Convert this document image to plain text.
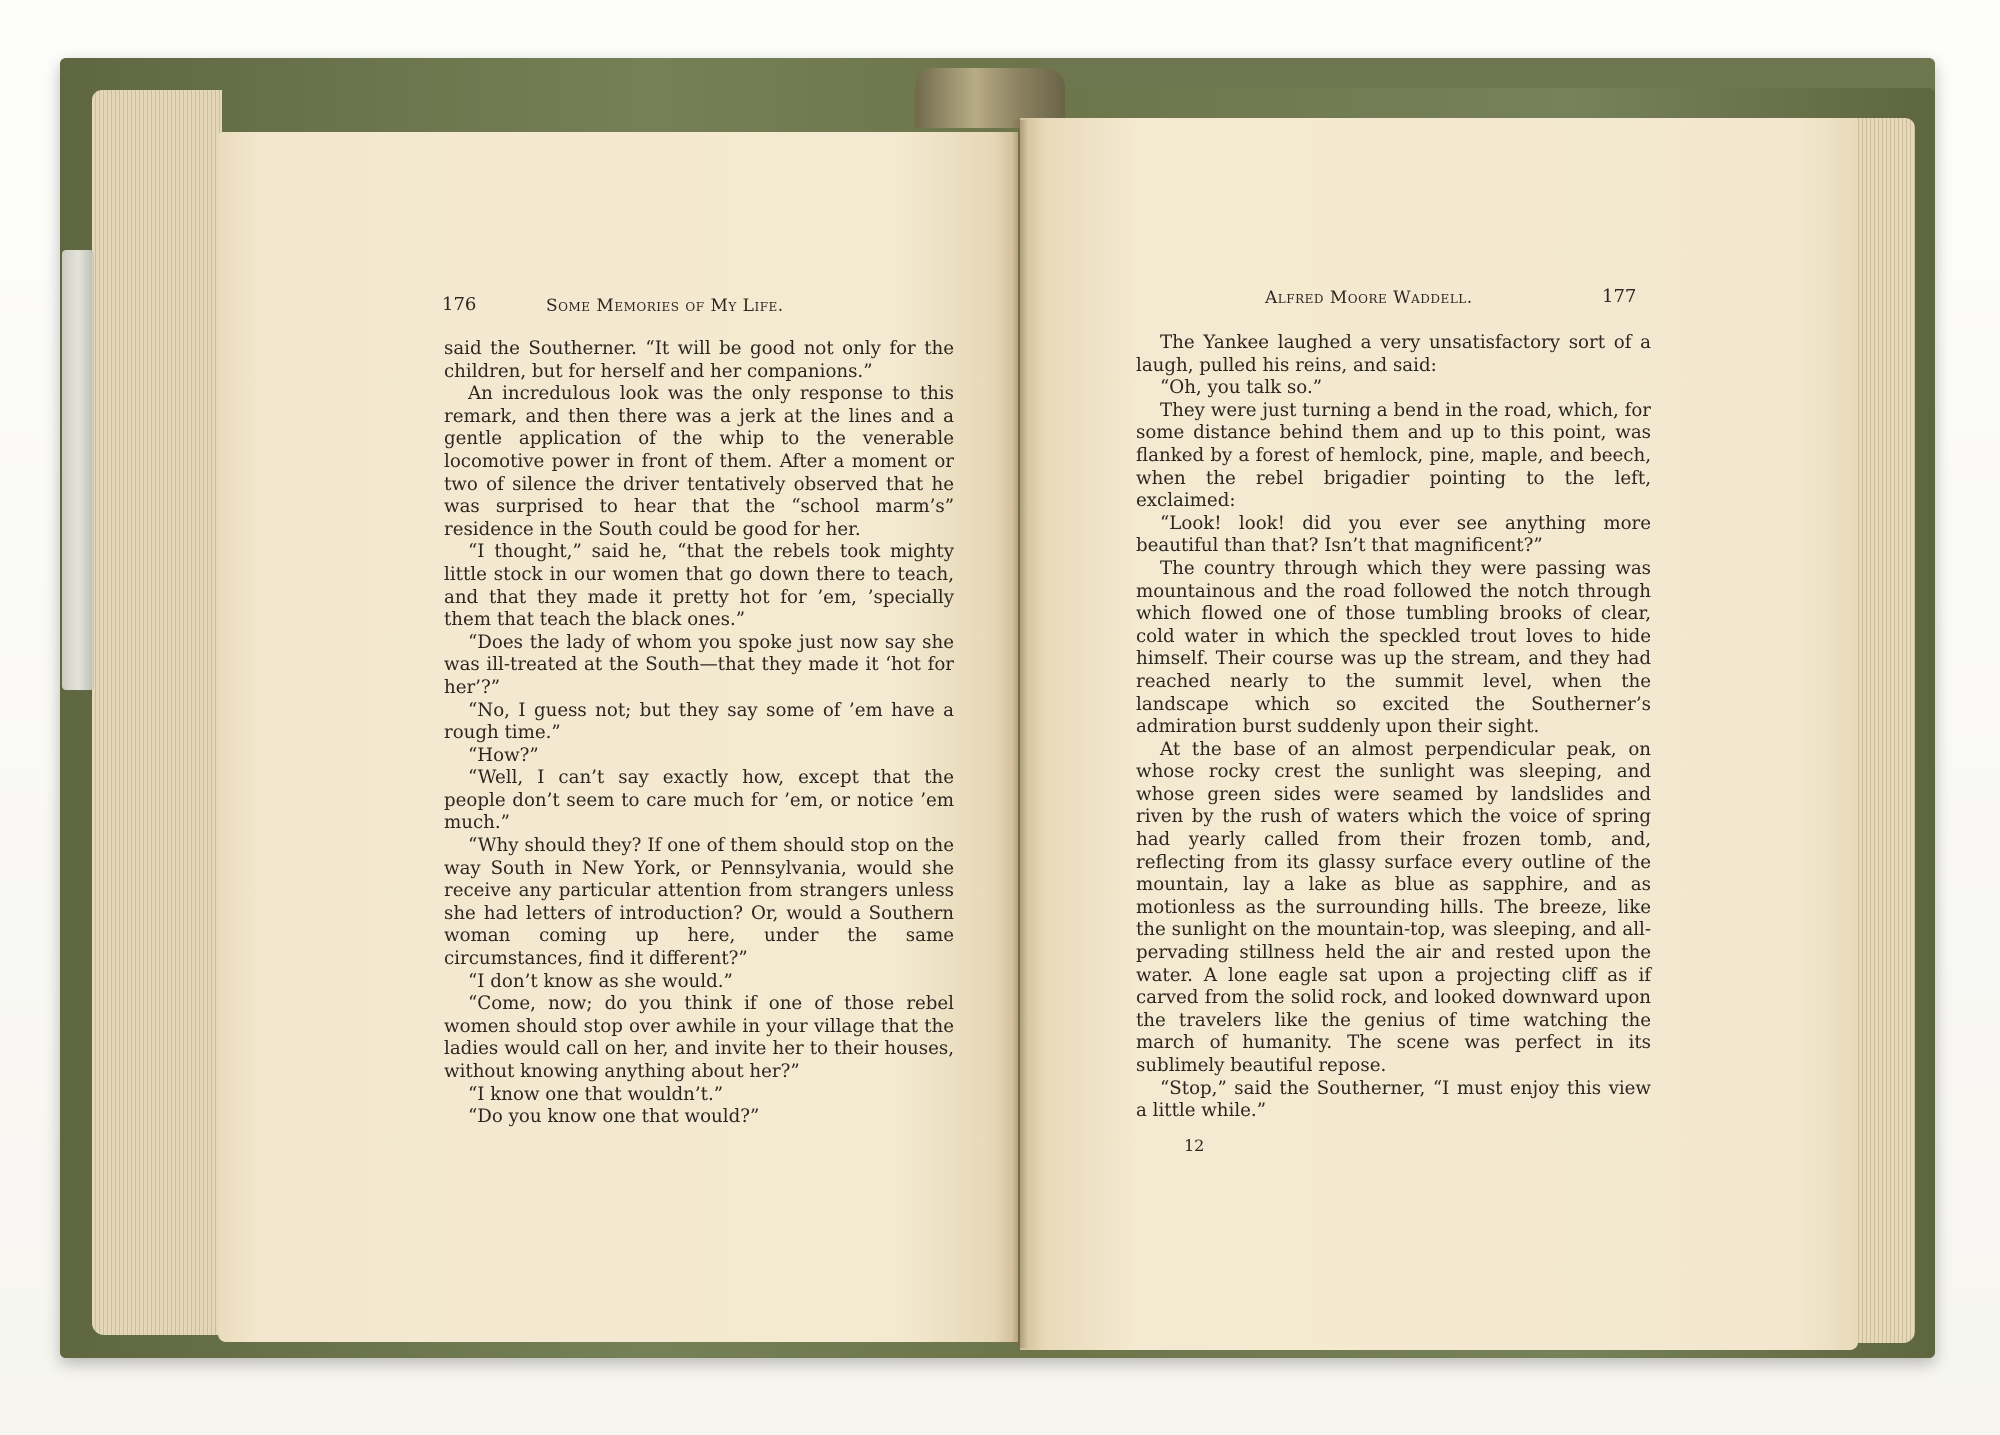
176	Some Memories of My Life.

said the Southerner. “It will be good not only for the children, but for herself and her companions.”

An incredulous look was the only response to this remark, and then there was a jerk at the lines and a gentle application of the whip to the venerable locomotive power in front of them. After a moment or two of silence the driver tentatively observed that he was surprised to hear that the “school marm’s” residence in the South could be good for her.

“I thought,” said he, “that the rebels took mighty little stock in our women that go down there to teach, and that they made it pretty hot for ’em, ’specially them that teach the black ones.”

“Does the lady of whom you spoke just now say she was ill-treated at the South—that they made it ‘hot for her’?”

“No, I guess not; but they say some of ’em have a rough time.”

“How?”

“Well, I can’t say exactly how, except that the people don’t seem to care much for ’em, or notice ’em much.”

“Why should they? If one of them should stop on the way South in New York, or Pennsylvania, would she receive any particular attention from strangers unless she had letters of introduction? Or, would a Southern woman coming up here, under the same circumstances, find it different?”

“I don’t know as she would.”

“Come, now; do you think if one of those rebel women should stop over awhile in your village that the ladies would call on her, and invite her to their houses, without knowing anything about her?”

“I know one that wouldn’t.”

“Do you know one that would?”

Alfred Moore Waddell.	177

The Yankee laughed a very unsatisfactory sort of a laugh, pulled his reins, and said:

“Oh, you talk so.”

They were just turning a bend in the road, which, for some distance behind them and up to this point, was flanked by a forest of hemlock, pine, maple, and beech, when the rebel brigadier pointing to the left, exclaimed:

“Look! look! did you ever see anything more beautiful than that? Isn’t that magnificent?”

The country through which they were passing was mountainous and the road followed the notch through which flowed one of those tumbling brooks of clear, cold water in which the speckled trout loves to hide himself. Their course was up the stream, and they had reached nearly to the summit level, when the landscape which so excited the Southerner’s admiration burst suddenly upon their sight.

At the base of an almost perpendicular peak, on whose rocky crest the sunlight was sleeping, and whose green sides were seamed by landslides and riven by the rush of waters which the voice of spring had yearly called from their frozen tomb, and, reflecting from its glassy surface every outline of the mountain, lay a lake as blue as sapphire, and as motionless as the surrounding hills. The breeze, like the sunlight on the mountain-top, was sleeping, and all-pervading stillness held the air and rested upon the water. A lone eagle sat upon a projecting cliff as if carved from the solid rock, and looked downward upon the travelers like the genius of time watching the march of humanity. The scene was perfect in its sublimely beautiful repose.

“Stop,” said the Southerner, “I must enjoy this view a little while.”

12
